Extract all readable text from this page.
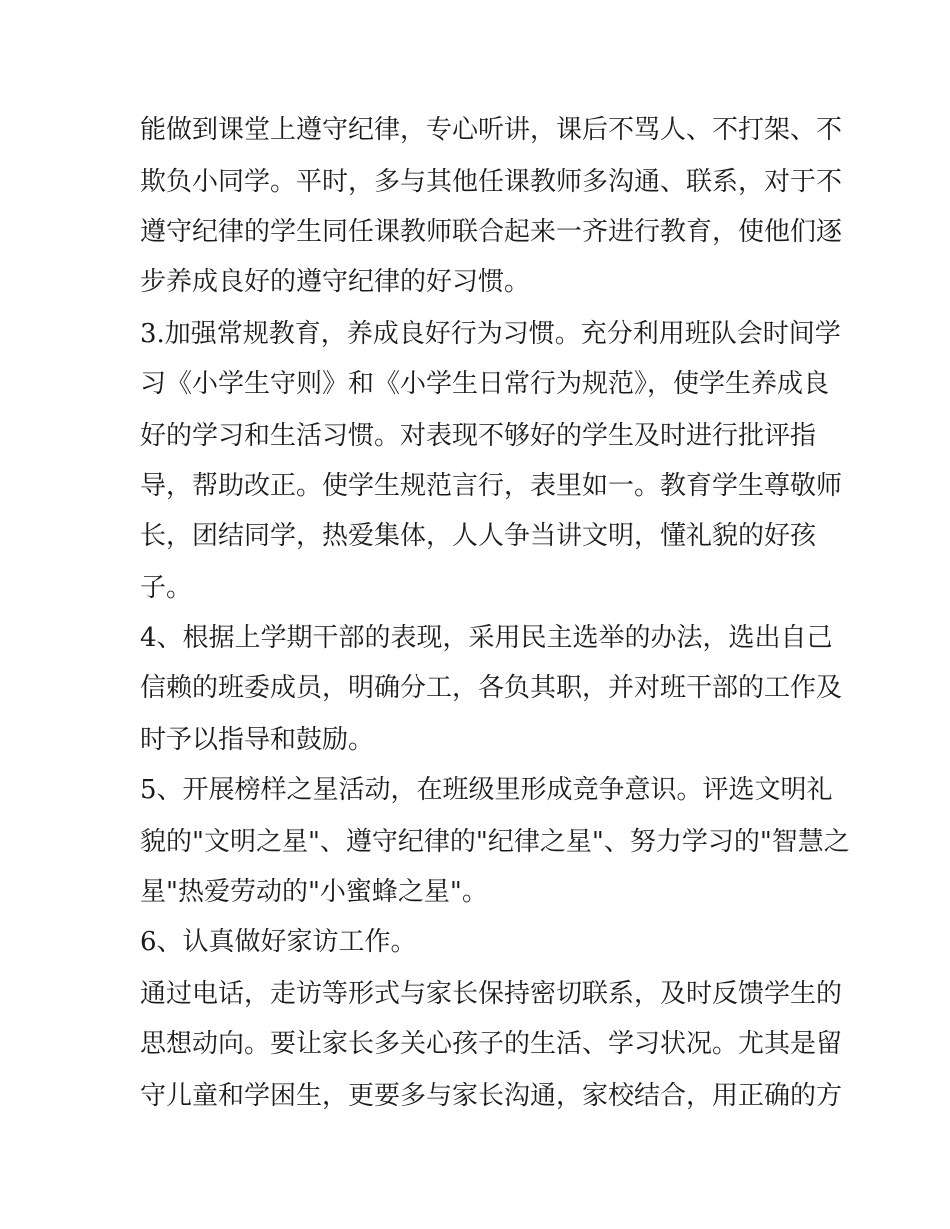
能做到课堂上遵守纪律，专心听讲，课后不骂人、不打架、不
欺负小同学。平时，多与其他任课教师多沟通、联系，对于不
遵守纪律的学生同任课教师联合起来一齐进行教育，使他们逐
步养成良好的遵守纪律的好习惯。
3.加强常规教育，养成良好行为习惯。充分利用班队会时间学
习《小学生守则》和《小学生日常行为规范》，使学生养成良
好的学习和生活习惯。对表现不够好的学生及时进行批评指
导，帮助改正。使学生规范言行，表里如一。教育学生尊敬师
长，团结同学，热爱集体，人人争当讲文明，懂礼貌的好孩
子。
4、根据上学期干部的表现，采用民主选举的办法，选出自己
信赖的班委成员，明确分工，各负其职，并对班干部的工作及
时予以指导和鼓励。
5、开展榜样之星活动，在班级里形成竞争意识。评选文明礼
貌的"文明之星"、遵守纪律的"纪律之星"、努力学习的"智慧之
星"热爱劳动的"小蜜蜂之星"。
6、认真做好家访工作。
通过电话，走访等形式与家长保持密切联系，及时反馈学生的
思想动向。要让家长多关心孩子的生活、学习状况。尤其是留
守儿童和学困生，更要多与家长沟通，家校结合，用正确的方
